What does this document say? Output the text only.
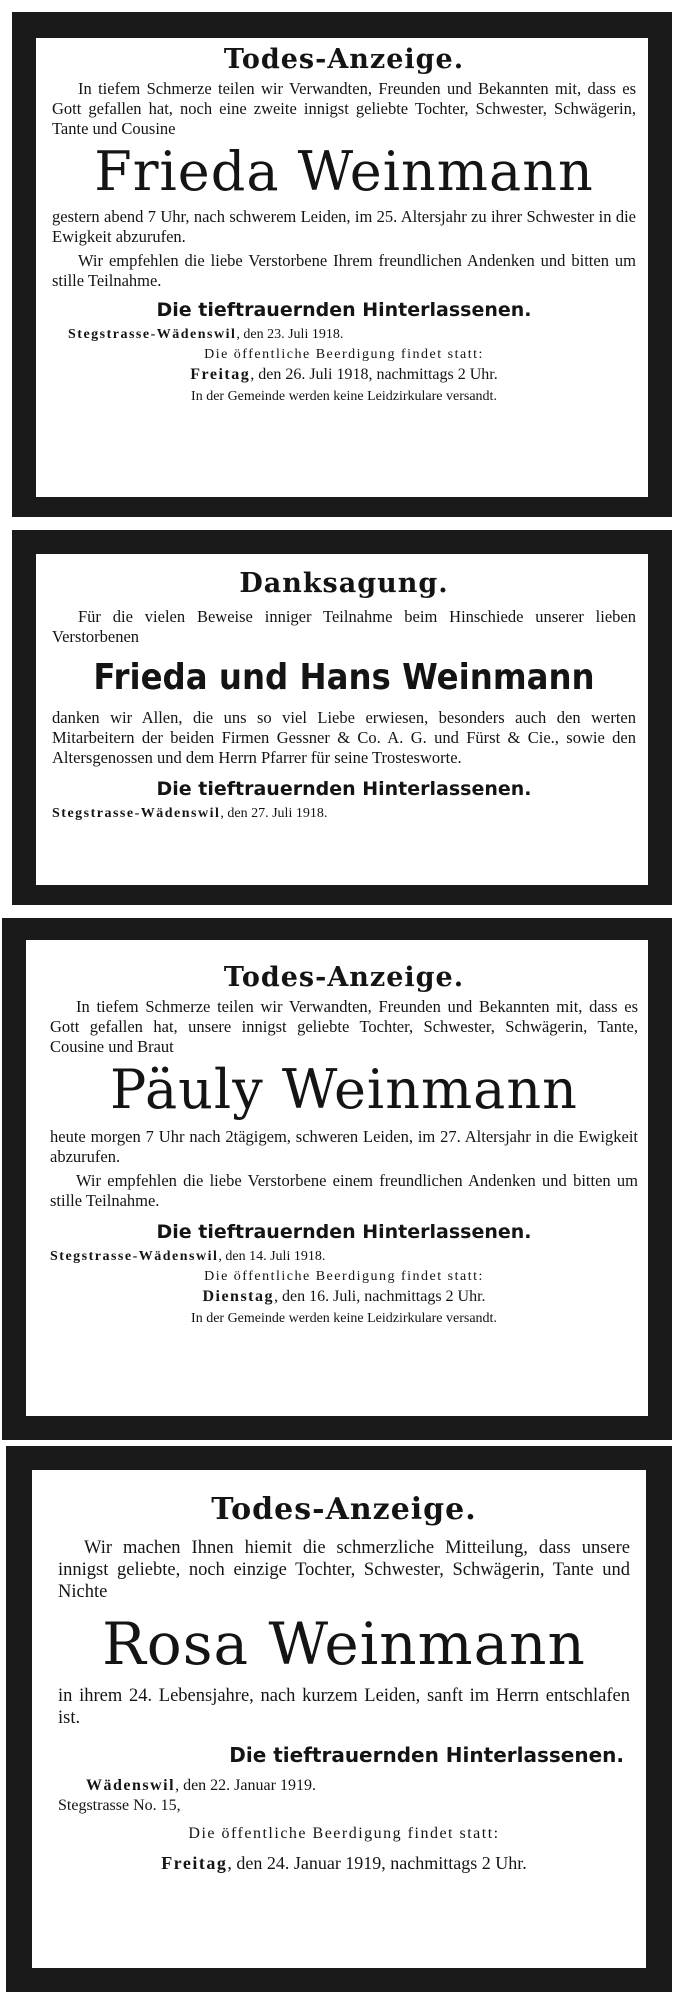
Todes-Anzeige.

In tiefem Schmerze teilen wir Verwandten, Freunden und Bekannten mit, dass es Gott gefallen hat, noch eine zweite innigst geliebte Tochter, Schwester, Schwägerin, Tante und Cousine

Frieda Weinmann

gestern abend 7 Uhr, nach schwerem Leiden, im 25. Altersjahr zu ihrer Schwester in die Ewigkeit abzurufen.

Wir empfehlen die liebe Verstorbene Ihrem freundlichen Andenken und bitten um stille Teilnahme.

Die tieftrauernden Hinterlassenen.

Stegstrasse-Wädenswil, den 23. Juli 1918.

Die öffentliche Beerdigung findet statt:

Freitag, den 26. Juli 1918, nachmittags 2 Uhr.

In der Gemeinde werden keine Leidzirkulare versandt.

Danksagung.

Für die vielen Beweise inniger Teilnahme beim Hinschiede unserer lieben Verstorbenen

Frieda und Hans Weinmann

danken wir Allen, die uns so viel Liebe erwiesen, besonders auch den werten Mitarbeitern der beiden Firmen Gessner & Co. A. G. und Fürst & Cie., sowie den Altersgenossen und dem Herrn Pfarrer für seine Trostesworte.

Die tieftrauernden Hinterlassenen.

Stegstrasse-Wädenswil, den 27. Juli 1918.

Todes-Anzeige.

In tiefem Schmerze teilen wir Verwandten, Freunden und Bekannten mit, dass es Gott gefallen hat, unsere innigst geliebte Tochter, Schwester, Schwägerin, Tante, Cousine und Braut

Päuly Weinmann

heute morgen 7 Uhr nach 2tägigem, schweren Leiden, im 27. Altersjahr in die Ewigkeit abzurufen.

Wir empfehlen die liebe Verstorbene einem freundlichen Andenken und bitten um stille Teilnahme.

Die tieftrauernden Hinterlassenen.

Stegstrasse-Wädenswil, den 14. Juli 1918.

Die öffentliche Beerdigung findet statt:

Dienstag, den 16. Juli, nachmittags 2 Uhr.

In der Gemeinde werden keine Leidzirkulare versandt.

Todes-Anzeige.

Wir machen Ihnen hiemit die schmerzliche Mitteilung, dass unsere innigst geliebte, noch einzige Tochter, Schwester, Schwägerin, Tante und Nichte

Rosa Weinmann

in ihrem 24. Lebensjahre, nach kurzem Leiden, sanft im Herrn entschlafen ist.

Die tieftrauernden Hinterlassenen.

Wädenswil, den 22. Januar 1919.

Stegstrasse No. 15,

Die öffentliche Beerdigung findet statt:

Freitag, den 24. Januar 1919, nachmittags 2 Uhr.
